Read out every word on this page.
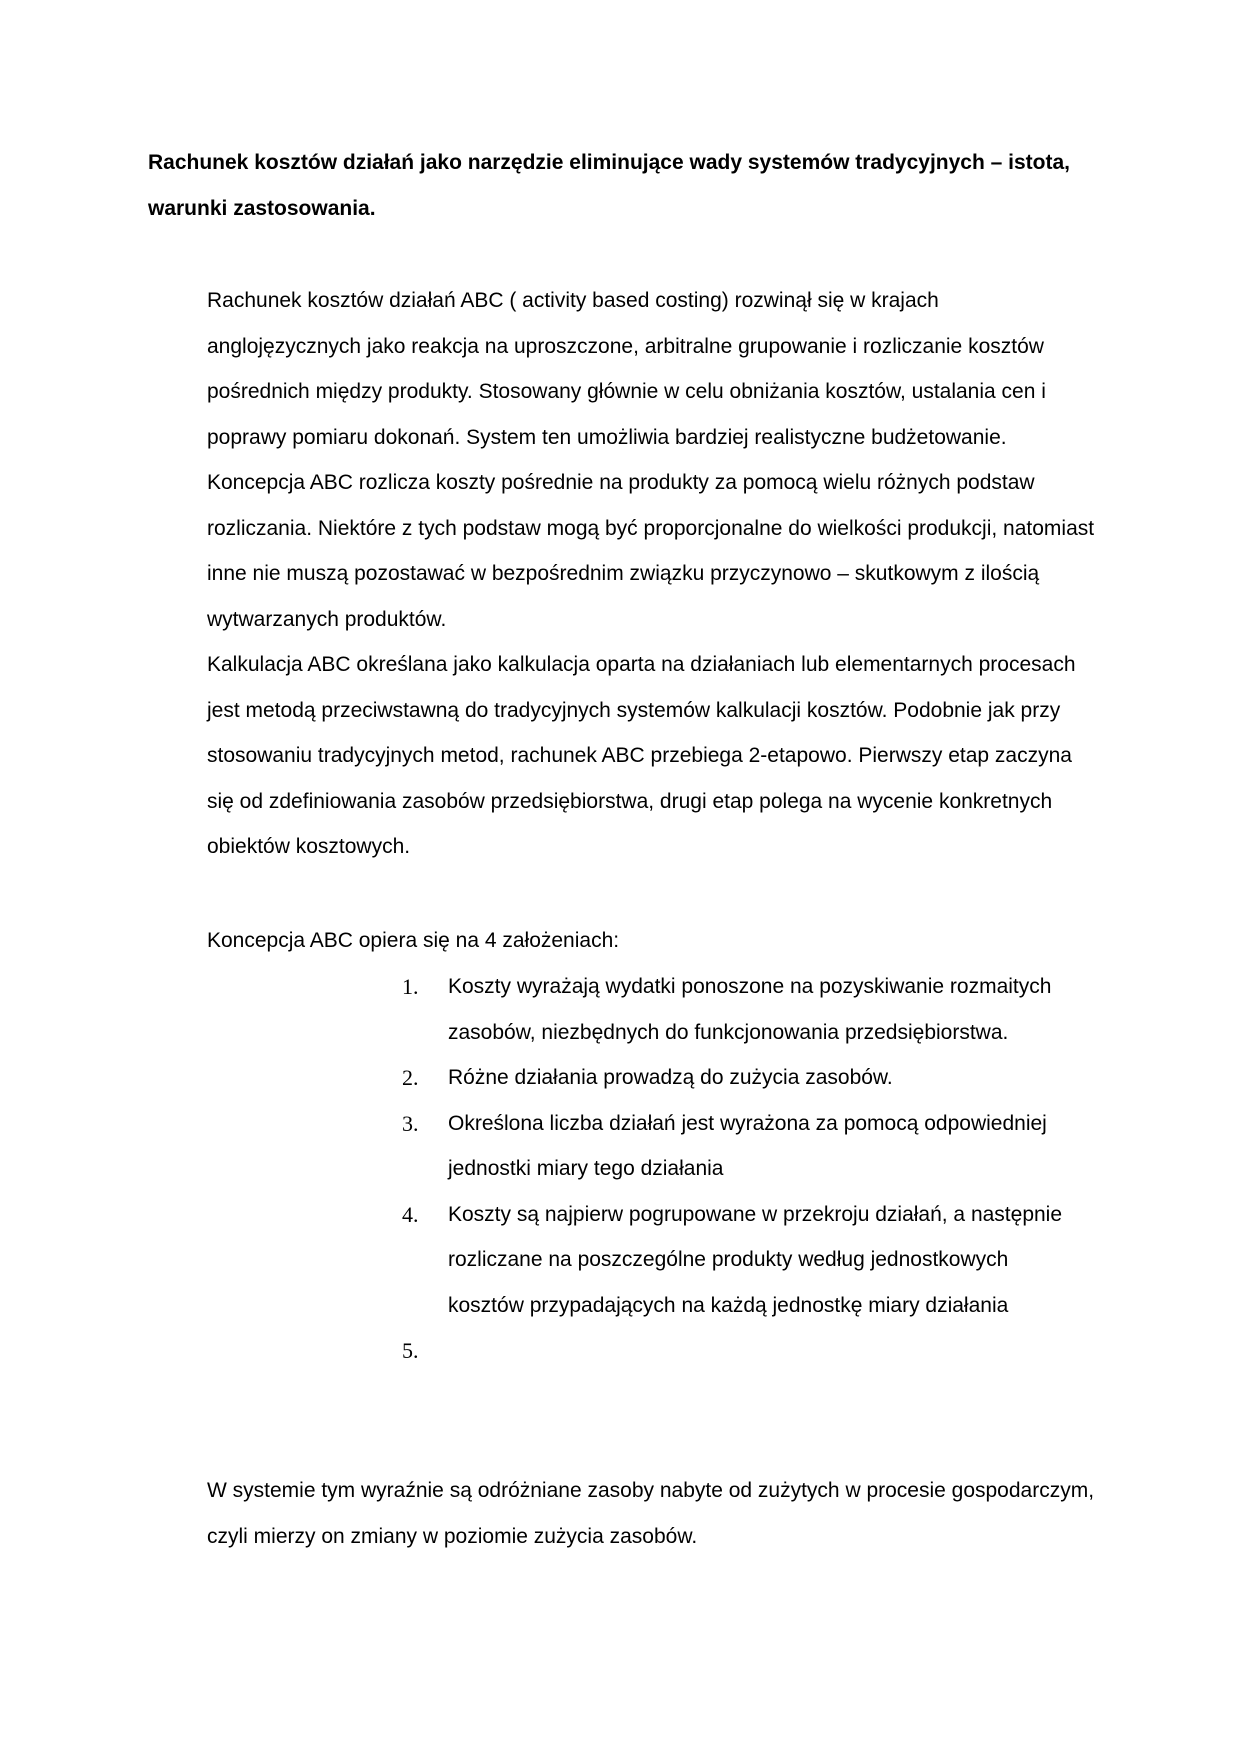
Rachunek kosztów działań jako narzędzie eliminujące wady systemów tradycyjnych – istota, warunki zastosowania.

Rachunek kosztów działań ABC ( activity based costing) rozwinął się w krajach anglojęzycznych jako reakcja na uproszczone, arbitralne grupowanie i rozliczanie kosztów pośrednich między produkty. Stosowany głównie w celu obniżania kosztów, ustalania cen i poprawy pomiaru dokonań. System ten umożliwia bardziej realistyczne budżetowanie. Koncepcja ABC rozlicza koszty pośrednie na produkty za pomocą wielu różnych podstaw rozliczania. Niektóre z tych podstaw mogą być proporcjonalne do wielkości produkcji, natomiast inne nie muszą pozostawać w bezpośrednim związku przyczynowo – skutkowym z ilością wytwarzanych produktów.

Kalkulacja ABC określana jako kalkulacja oparta na działaniach lub elementarnych procesach jest metodą przeciwstawną do tradycyjnych systemów kalkulacji kosztów. Podobnie jak przy stosowaniu tradycyjnych metod, rachunek ABC przebiega 2-etapowo. Pierwszy etap zaczyna się od zdefiniowania zasobów przedsiębiorstwa, drugi etap polega na wycenie konkretnych obiektów kosztowych.

Koncepcja ABC opiera się na 4 założeniach:

1.	Koszty wyrażają wydatki ponoszone na pozyskiwanie rozmaitych zasobów, niezbędnych do funkcjonowania przedsiębiorstwa.
2.	Różne działania prowadzą do zużycia zasobów.
3.	Określona liczba działań jest wyrażona za pomocą odpowiedniej jednostki miary tego działania
4.	Koszty są najpierw pogrupowane w przekroju działań, a następnie rozliczane na poszczególne produkty według jednostkowych kosztów przypadających na każdą jednostkę miary działania
5.

W systemie tym wyraźnie są odróżniane zasoby nabyte od zużytych w procesie gospodarczym, czyli mierzy on zmiany w poziomie zużycia zasobów.
